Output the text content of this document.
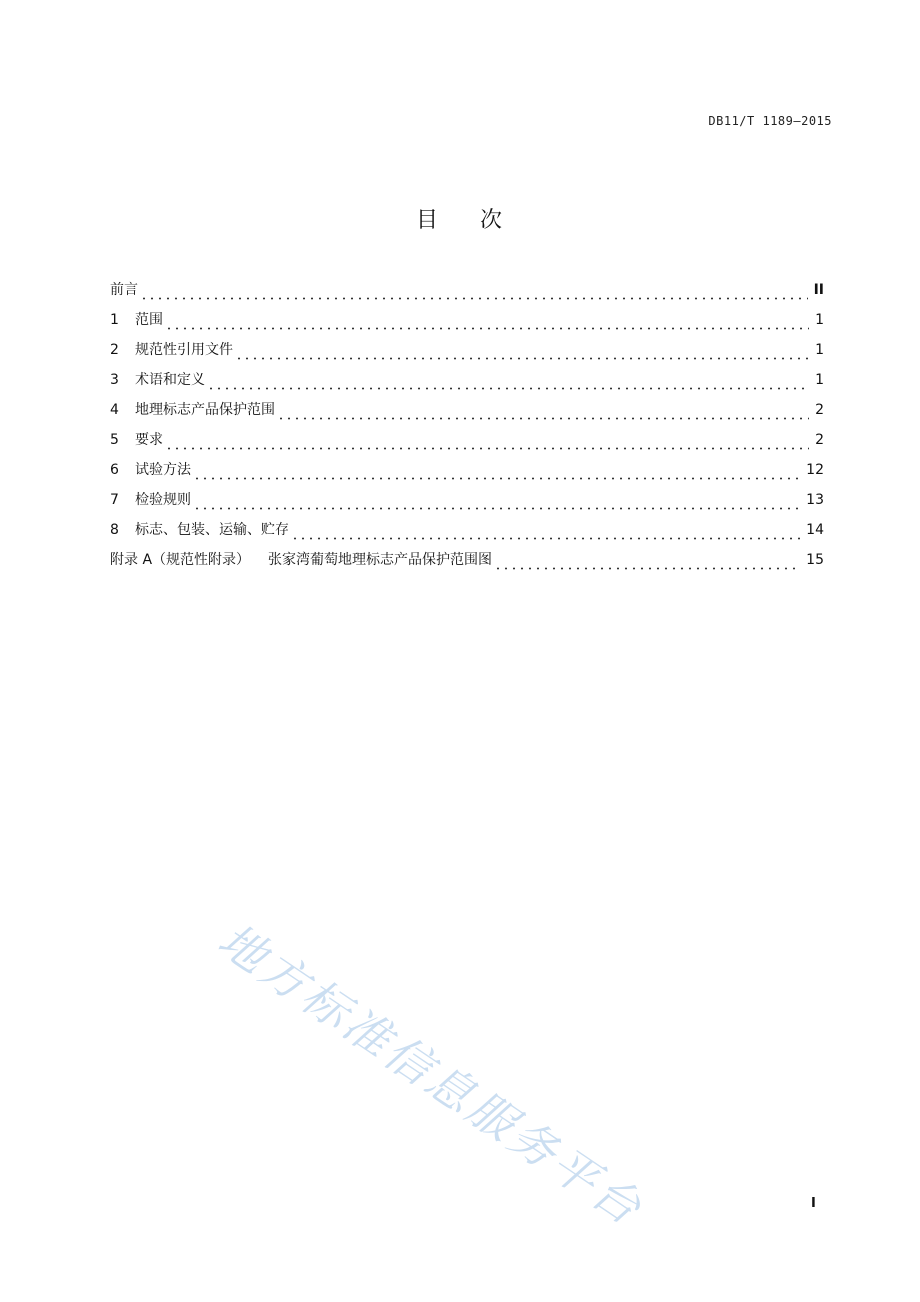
DB11/T 1189—2015
目 次
前言	II
1	范围	1
2	规范性引用文件	1
3	术语和定义	1
4	地理标志产品保护范围	2
5	要求	2
6	试验方法	12
7	检验规则	13
8	标志、包装、运输、贮存	14
附录 A（规范性附录） 张家湾葡萄地理标志产品保护范围图	15
地方标准信息服务平台	I
